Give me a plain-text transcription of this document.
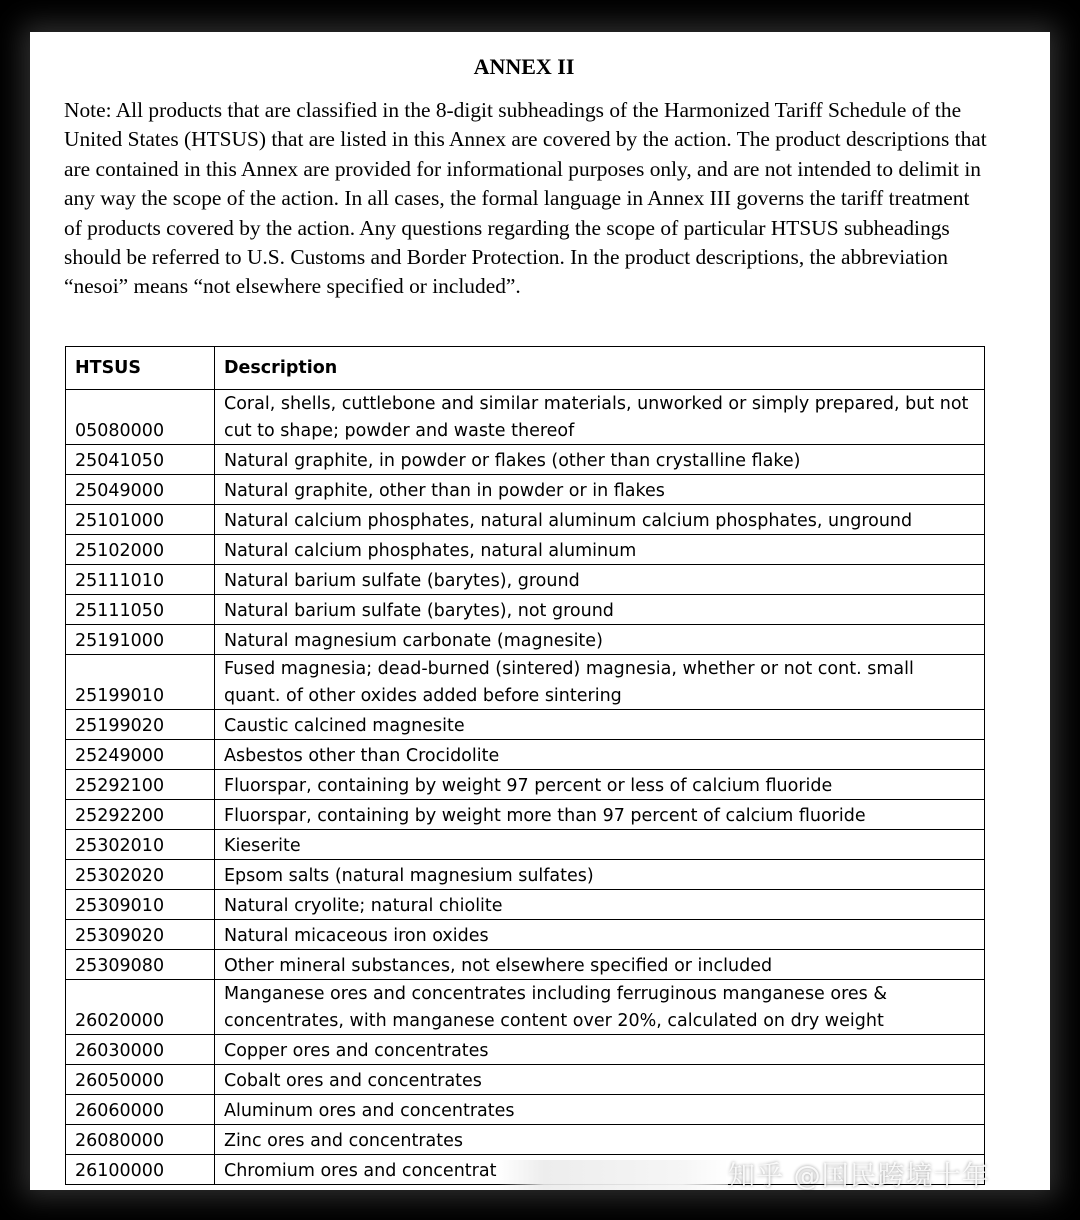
ANNEX II
Note: All products that are classified in the 8-digit subheadings of the Harmonized Tariff Schedule of the United States (HTSUS) that are listed in this Annex are covered by the action. The product descriptions that are contained in this Annex are provided for informational purposes only, and are not intended to delimit in any way the scope of the action. In all cases, the formal language in Annex III governs the tariff treatment of products covered by the action. Any questions regarding the scope of particular HTSUS subheadings should be referred to U.S. Customs and Border Protection. In the product descriptions, the abbreviation “nesoi” means “not elsewhere specified or included”.
HTSUS	Description
05080000	Coral, shells, cuttlebone and similar materials, unworked or simply prepared, but not cut to shape; powder and waste thereof
25041050	Natural graphite, in powder or flakes (other than crystalline flake)
25049000	Natural graphite, other than in powder or in flakes
25101000	Natural calcium phosphates, natural aluminum calcium phosphates, unground
25102000	Natural calcium phosphates, natural aluminum
25111010	Natural barium sulfate (barytes), ground
25111050	Natural barium sulfate (barytes), not ground
25191000	Natural magnesium carbonate (magnesite)
25199010	Fused magnesia; dead-burned (sintered) magnesia, whether or not cont. small quant. of other oxides added before sintering
25199020	Caustic calcined magnesite
25249000	Asbestos other than Crocidolite
25292100	Fluorspar, containing by weight 97 percent or less of calcium fluoride
25292200	Fluorspar, containing by weight more than 97 percent of calcium fluoride
25302010	Kieserite
25302020	Epsom salts (natural magnesium sulfates)
25309010	Natural cryolite; natural chiolite
25309020	Natural micaceous iron oxides
25309080	Other mineral substances, not elsewhere specified or included
26020000	Manganese ores and concentrates including ferruginous manganese ores & concentrates, with manganese content over 20%, calculated on dry weight
26030000	Copper ores and concentrates
26050000	Cobalt ores and concentrates
26060000	Aluminum ores and concentrates
26080000	Zinc ores and concentrates
26100000	Chromium ores and concentrat	知乎 @国民跨境十年
